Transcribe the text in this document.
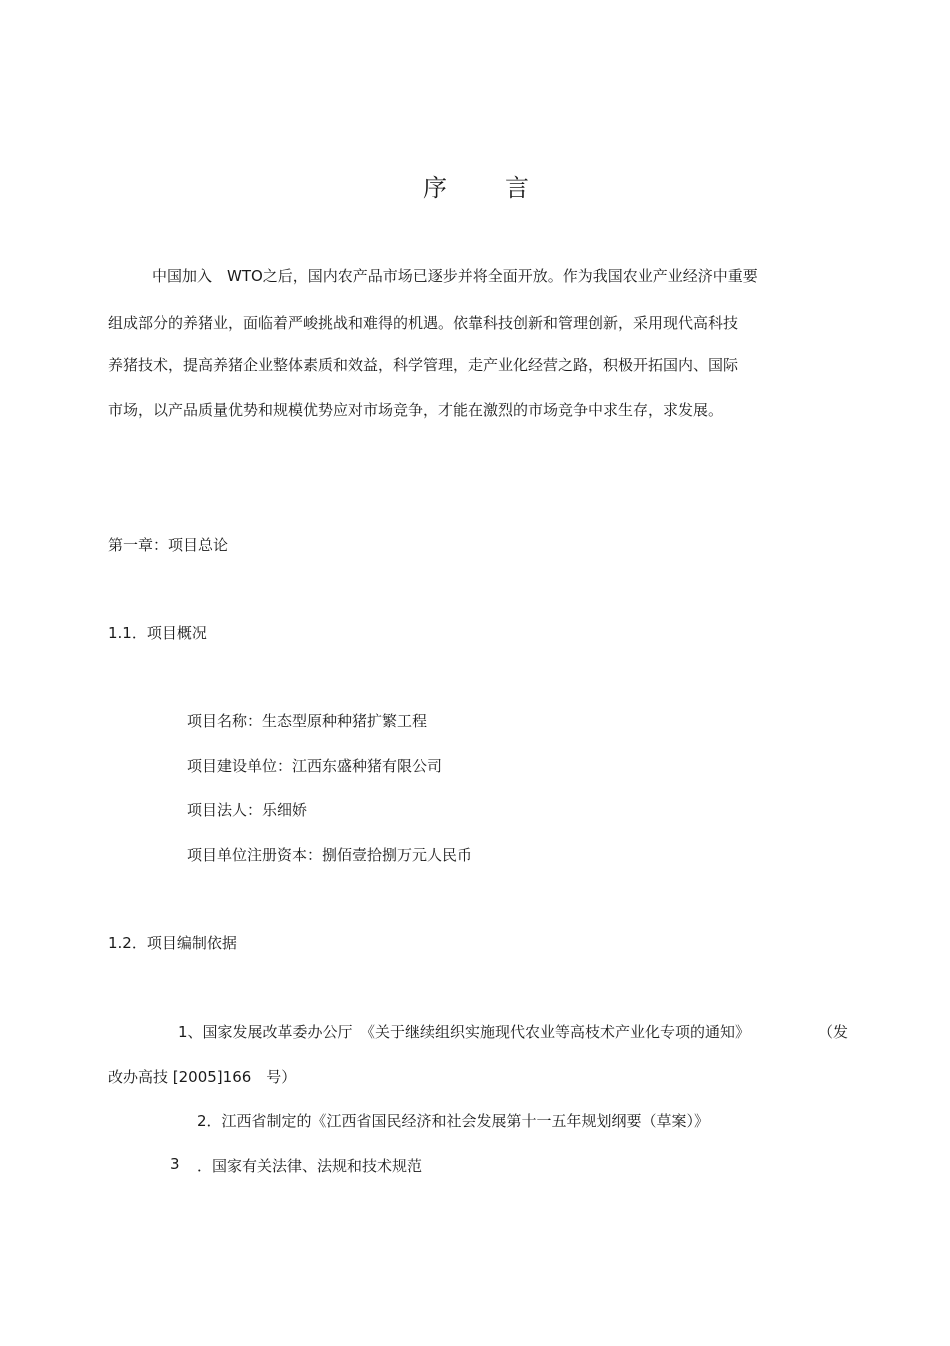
序 言
中国加入　WTO之后，国内农产品市场已逐步并将全面开放。作为我国农业产业经济中重要
组成部分的养猪业，面临着严峻挑战和难得的机遇。依靠科技创新和管理创新，采用现代高科技
养猪技术，提高养猪企业整体素质和效益，科学管理，走产业化经营之路，积极开拓国内、国际
市场，以产品质量优势和规模优势应对市场竞争，才能在激烈的市场竞争中求生存，求发展。
第一章：项目总论
1.1．项目概况
项目名称：生态型原种种猪扩繁工程
项目建设单位：江西东盛种猪有限公司
项目法人：乐细娇
项目单位注册资本：捌佰壹拾捌万元人民币
1.2．项目编制依据
1、国家发展改革委办公厅　《关于继续组织实施现代农业等高枝术产业化专项的通知》	（发
改办高技 [2005]166　号）
2．江西省制定的《江西省国民经济和社会发展第十一五年规划纲要（草案）》
3 ．国家有关法律、法规和技术规范
